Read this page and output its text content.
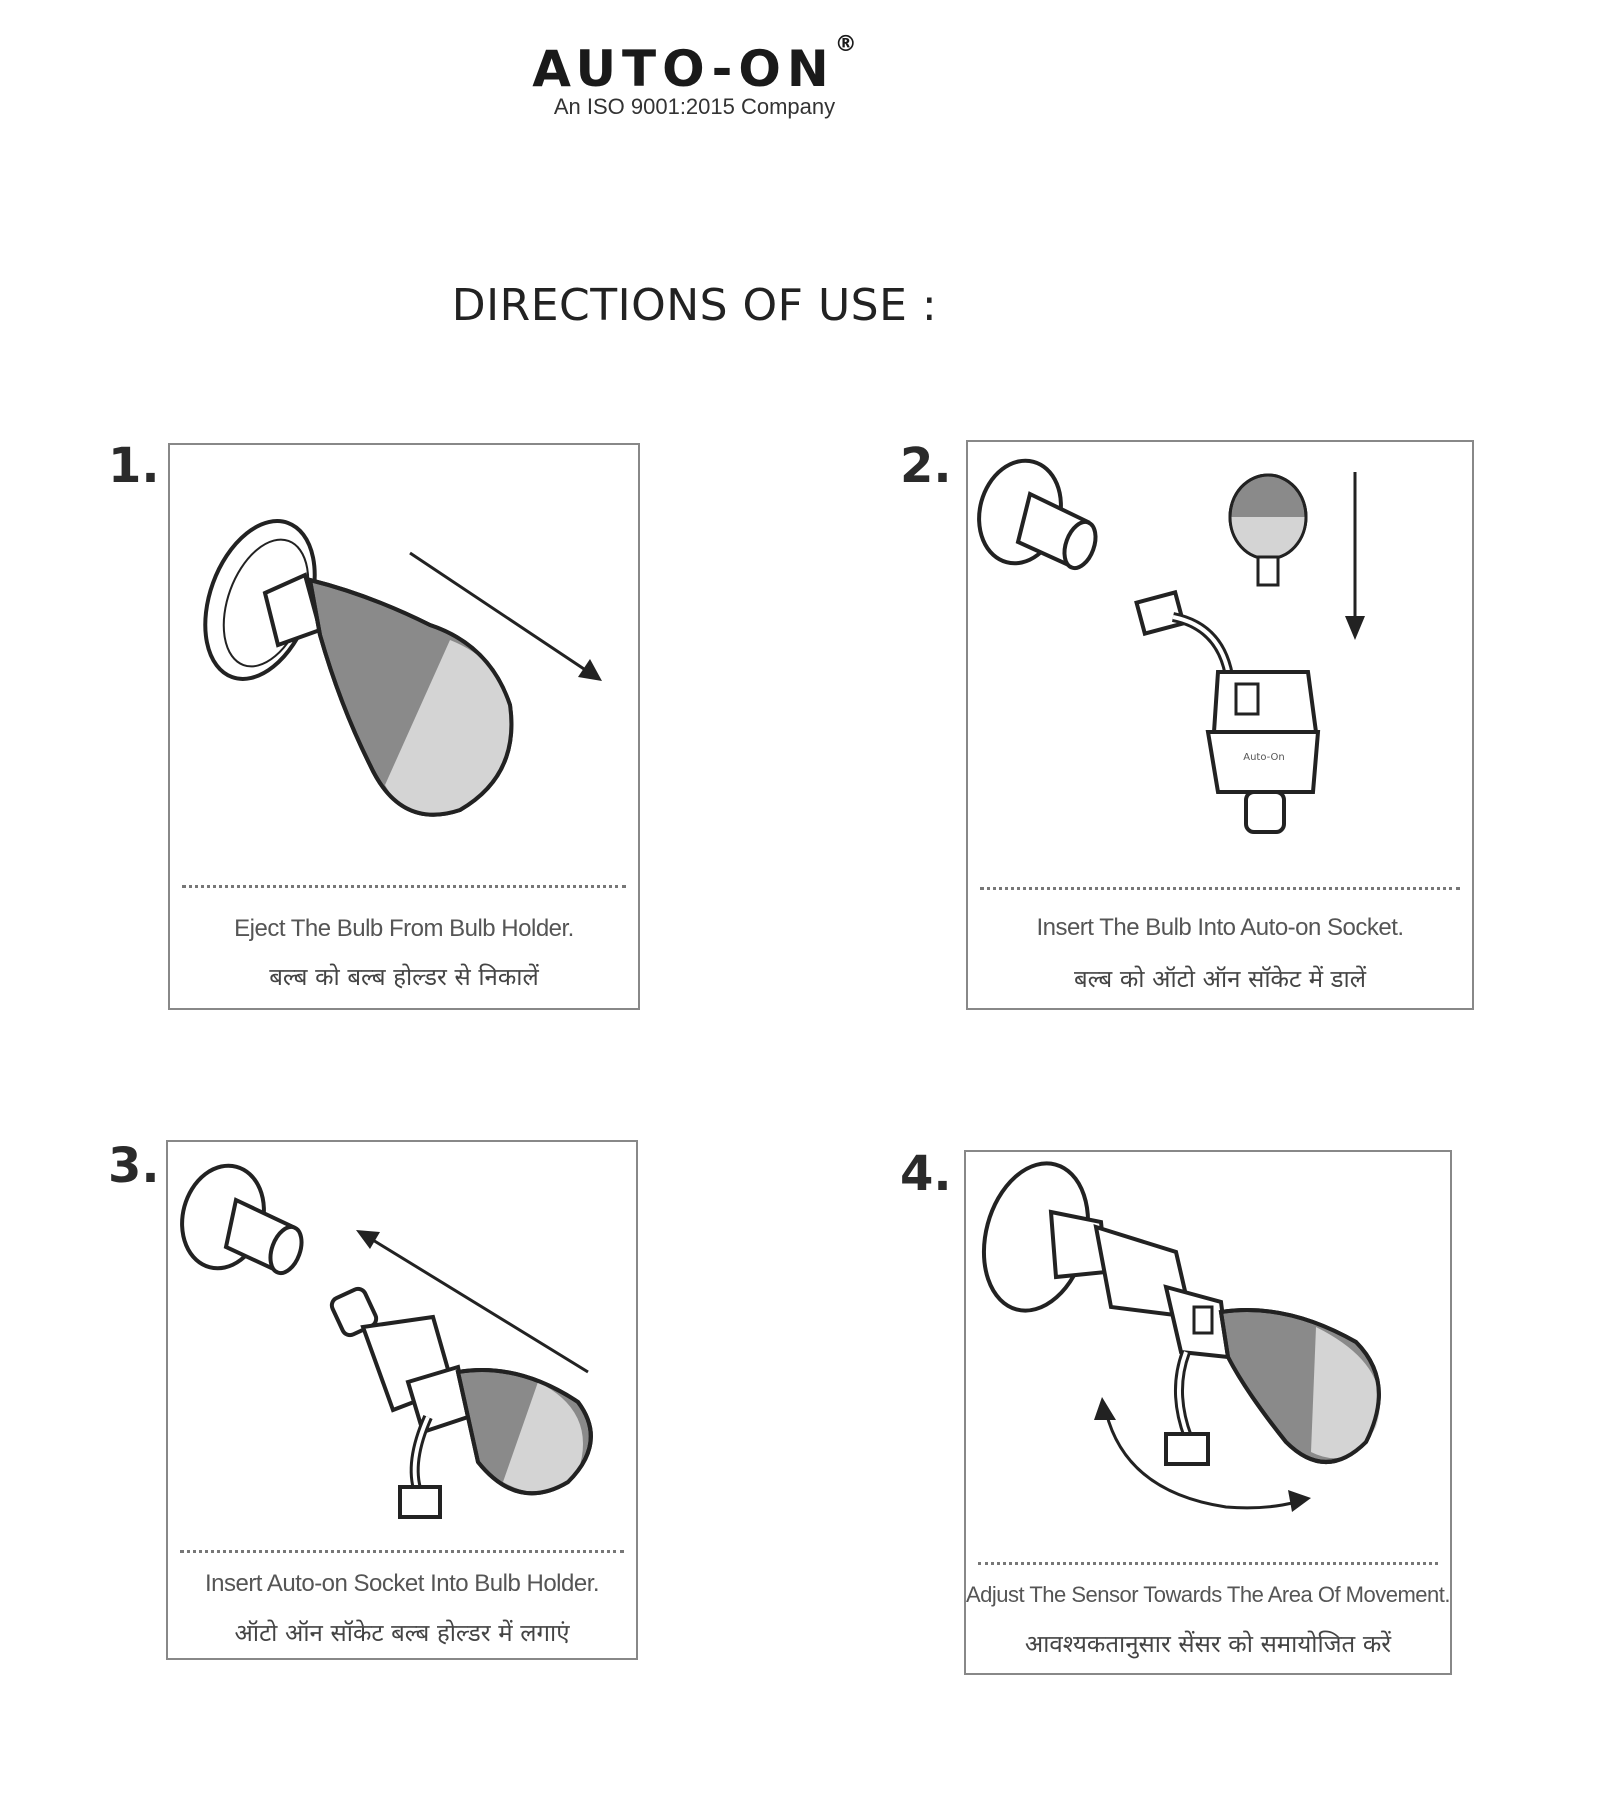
AUTO-ON®
An ISO 9001:2015 Company
DIRECTIONS OF USE :
1.
Eject The Bulb From Bulb Holder.
बल्ब को बल्ब होल्डर से निकालें
2.
Auto-On
Insert The Bulb Into Auto-on Socket.
बल्ब को ऑटो ऑन सॉकेट में डालें
3.
Insert Auto-on Socket Into Bulb Holder.
ऑटो ऑन सॉकेट बल्ब होल्डर में लगाएं
4.
Adjust The Sensor Towards The Area Of Movement.
आवश्यकतानुसार सेंसर को समायोजित करें
